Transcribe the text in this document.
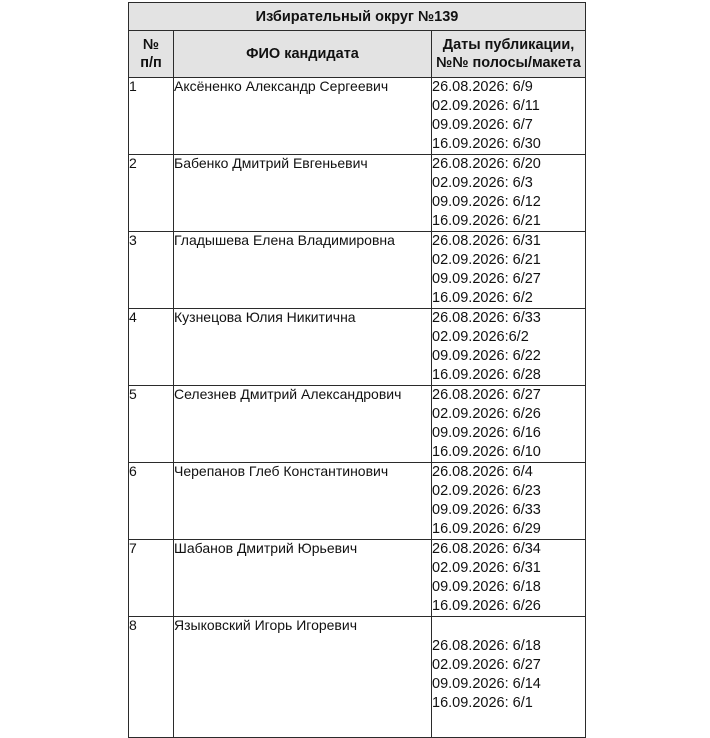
Избирательный округ №139		
№ п/п	ФИО кандидата	Даты публикации, №№ полосы/макета
1	Аксёненко Александр Сергеевич	26.08.2026: 6/9
02.09.2026: 6/11
09.09.2026: 6/7
16.09.2026: 6/30

2	Бабенко Дмитрий Евгеньевич	26.08.2026: 6/20
02.09.2026: 6/3
09.09.2026: 6/12
16.09.2026: 6/21

3	Гладышева Елена Владимировна	26.08.2026: 6/31
02.09.2026: 6/21
09.09.2026: 6/27
16.09.2026: 6/2

4	Кузнецова Юлия Никитична	26.08.2026: 6/33
02.09.2026:6/2
09.09.2026: 6/22
16.09.2026: 6/28

5	Селезнев Дмитрий Александрович	26.08.2026: 6/27
02.09.2026: 6/26
09.09.2026: 6/16
16.09.2026: 6/10

6	Черепанов Глеб Константинович	26.08.2026: 6/4
02.09.2026: 6/23
09.09.2026: 6/33
16.09.2026: 6/29

7	Шабанов Дмитрий Юрьевич	26.08.2026: 6/34
02.09.2026: 6/31
09.09.2026: 6/18
16.09.2026: 6/26

8	Языковский Игорь Игоревич	26.08.2026: 6/18
02.09.2026: 6/27
09.09.2026: 6/14
16.09.2026: 6/1
